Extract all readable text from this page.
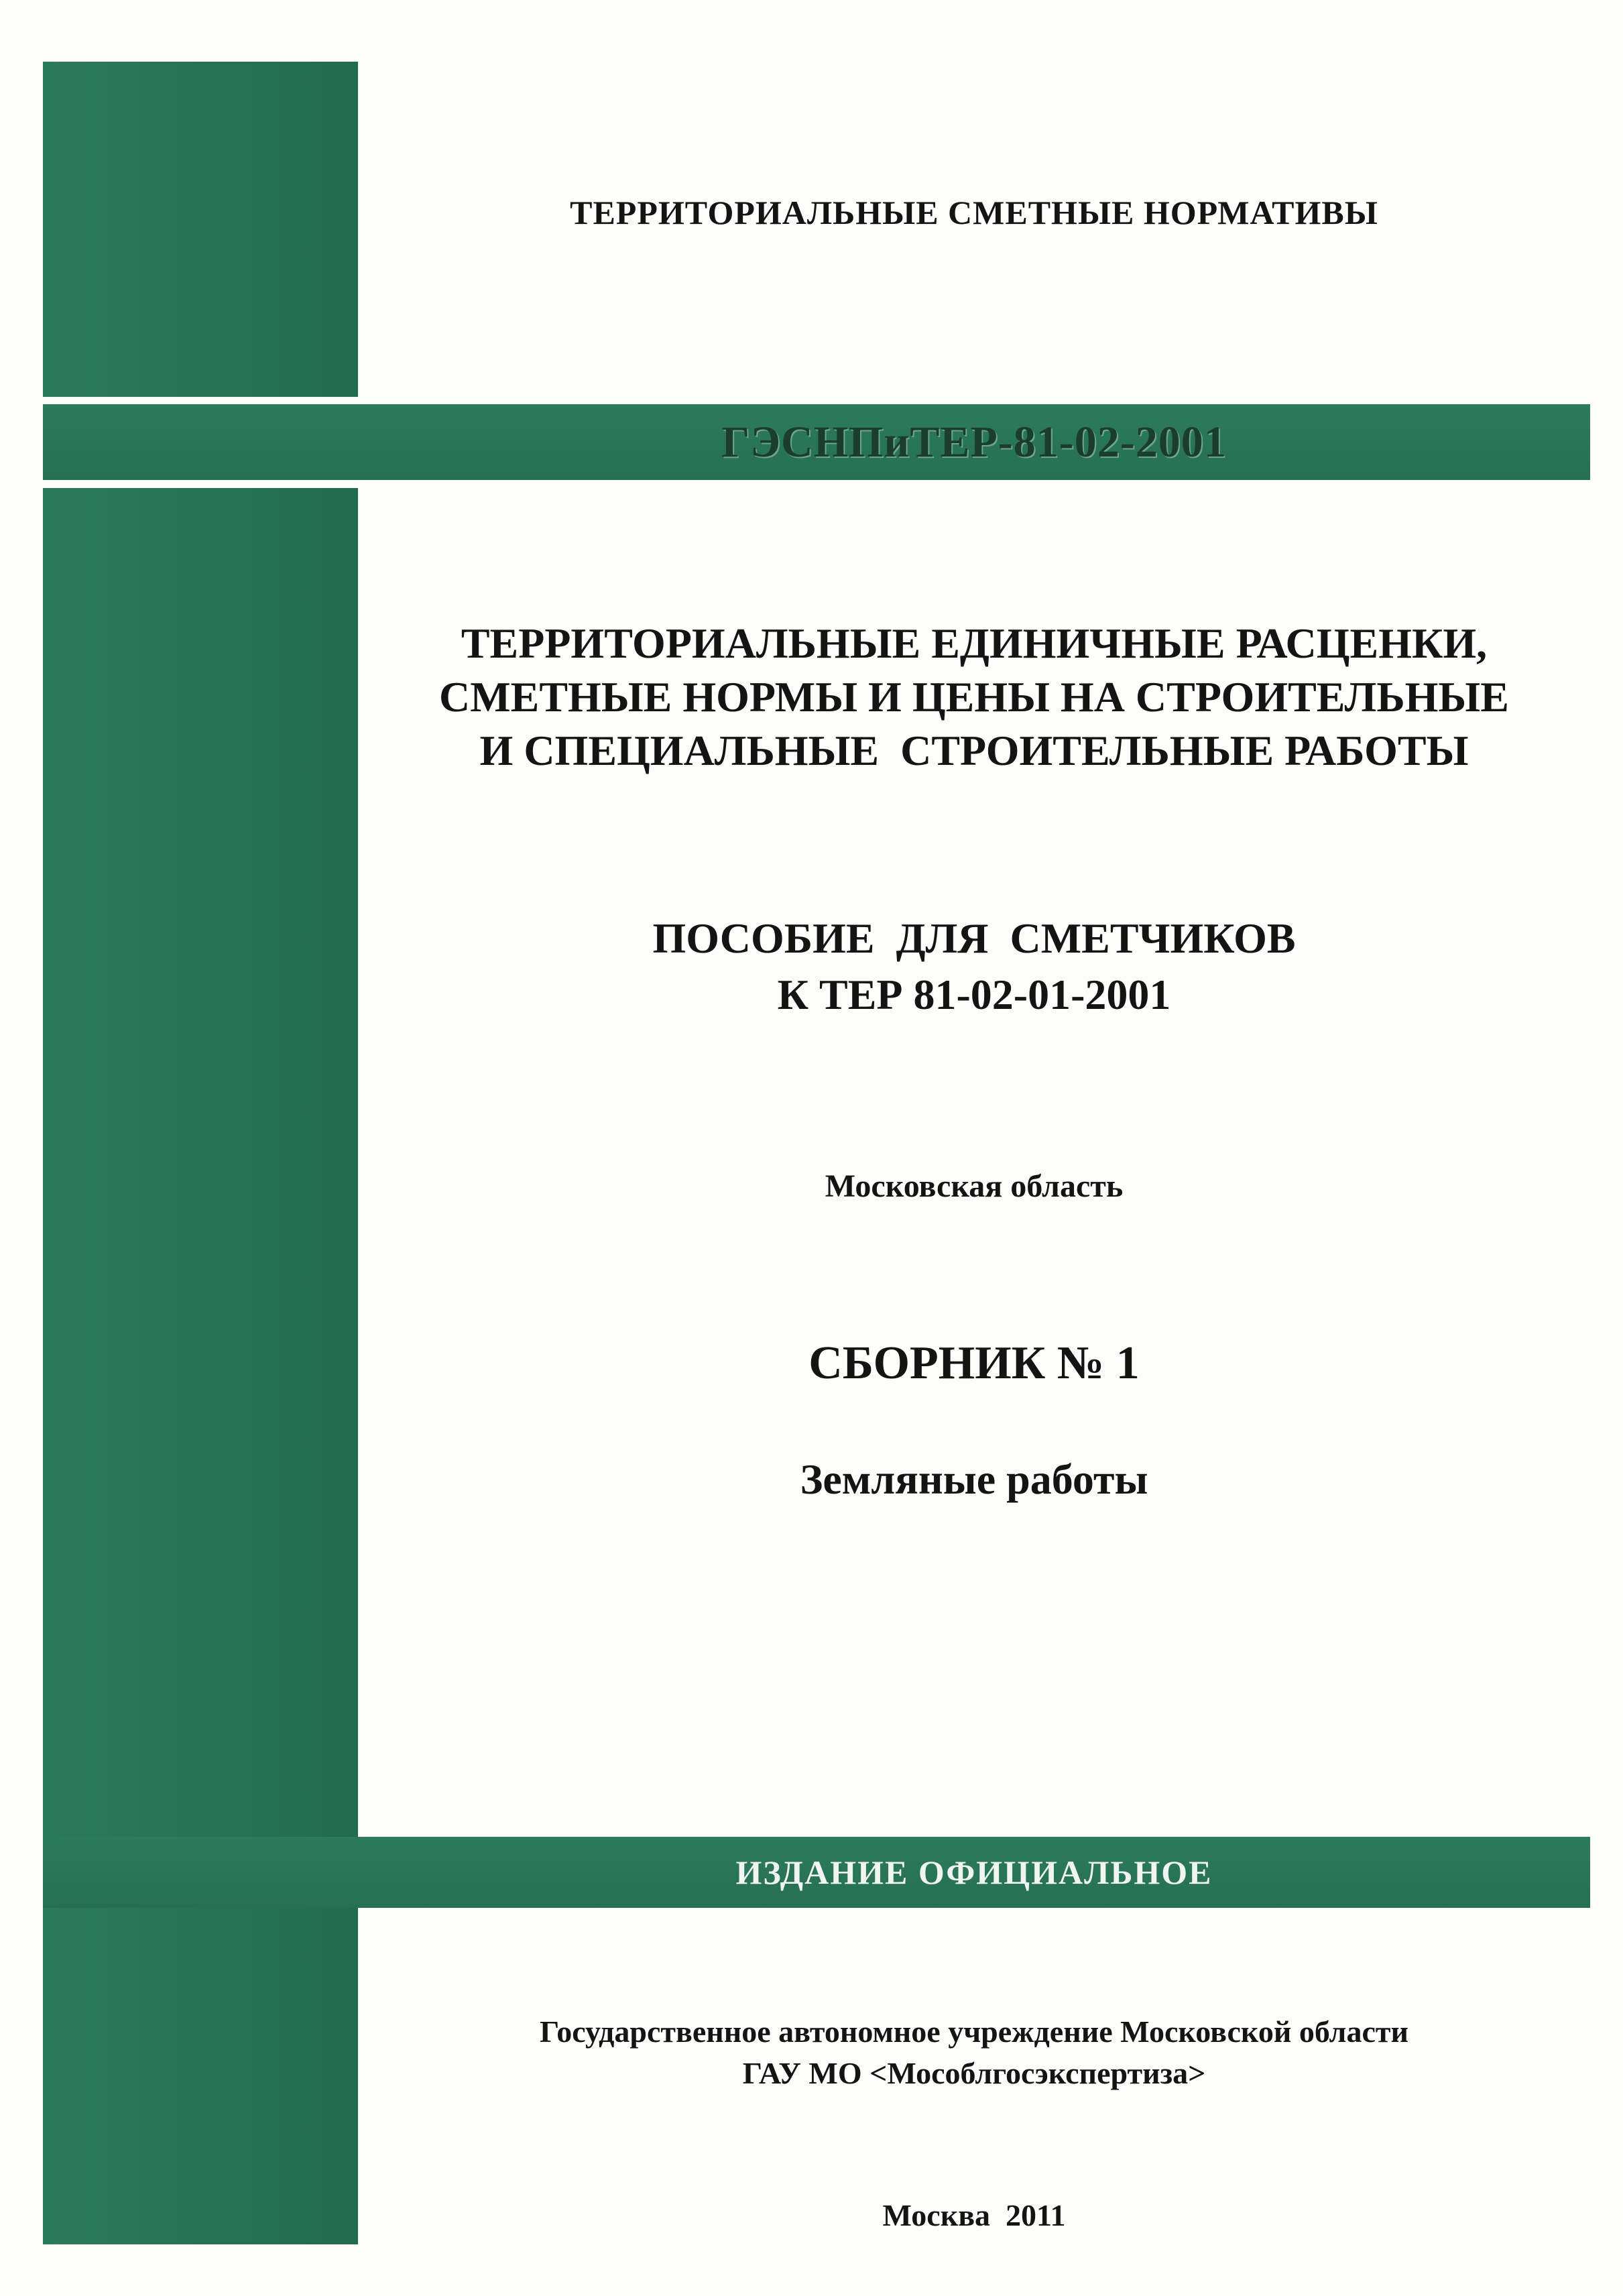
ТЕРРИТОРИАЛЬНЫЕ СМЕТНЫЕ НОРМАТИВЫ
ГЭСНПиТЕР-81-02-2001
ТЕРРИТОРИАЛЬНЫЕ ЕДИНИЧНЫЕ РАСЦЕНКИ,
СМЕТНЫЕ НОРМЫ И ЦЕНЫ НА СТРОИТЕЛЬНЫЕ
И СПЕЦИАЛЬНЫЕ  СТРОИТЕЛЬНЫЕ РАБОТЫ
ПОСОБИЕ  ДЛЯ  СМЕТЧИКОВ
К ТЕР 81-02-01-2001
Московская область
СБОРНИК № 1
Земляные работы
ИЗДАНИЕ ОФИЦИАЛЬНОЕ
Государственное автономное учреждение Московской области
ГАУ МО <Мособлгосэкспертиза>
Москва  2011
